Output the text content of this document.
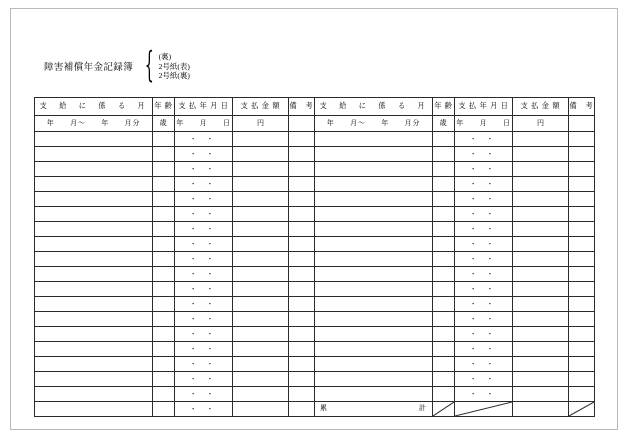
障害補償年金記録簿 { (裏)
2号紙(表)
2号紙(裏)
支　給　に　係　る　月	年 齢	支 払 年 月 日	支 払 金 額	備　考	支　給　に　係　る　月	年 齢	支 払 年 月 日	支 払 金 額	備　考
年　　月～　　年　　月分	歳	年　　月　　日	円		年　　月～　　年　　月分	歳	年　　月　　日	円	
		・ ・					・ ・		
		・ ・					・ ・		
		・ ・					・ ・		
		・ ・					・ ・		
		・ ・					・ ・		
		・ ・					・ ・		
		・ ・					・ ・		
		・ ・					・ ・		
		・ ・					・ ・		
		・ ・					・ ・		
		・ ・					・ ・		
		・ ・					・ ・		
		・ ・					・ ・		
		・ ・					・ ・		
		・ ・					・ ・		
		・ ・					・ ・		
		・ ・					・ ・		
		・ ・					・ ・		
		・ ・			累 計
